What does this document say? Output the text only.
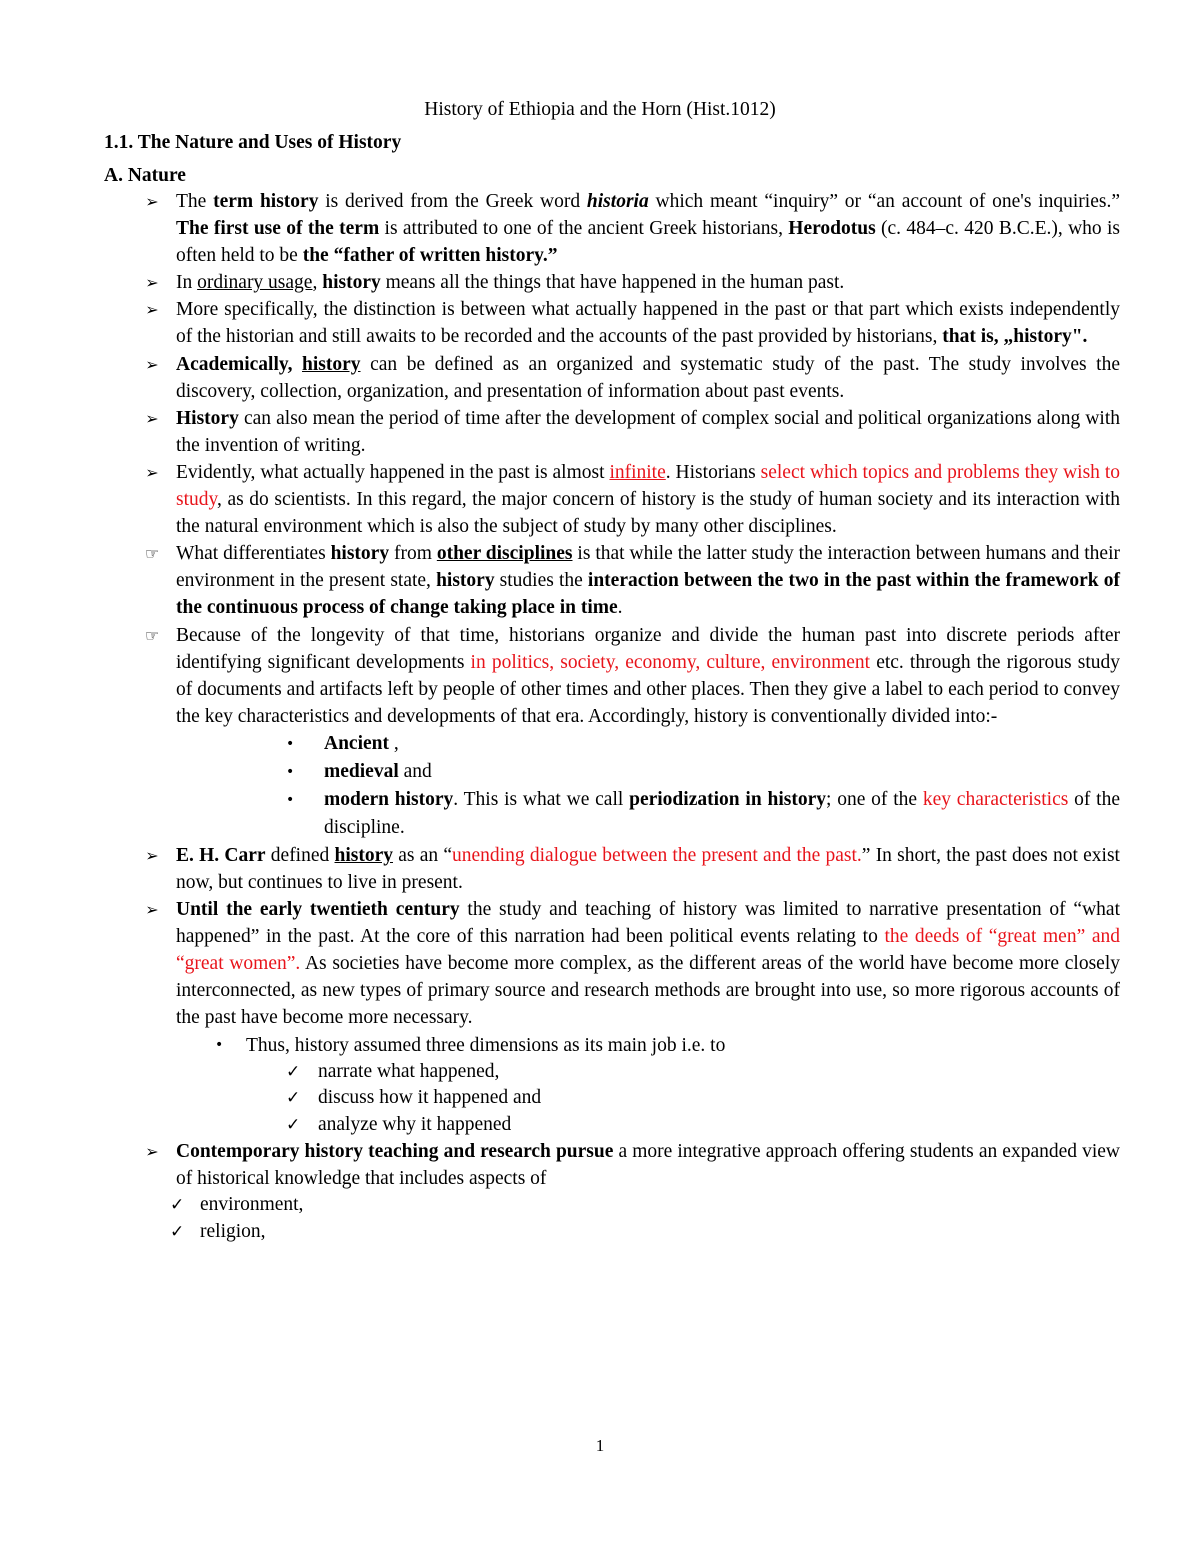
History of Ethiopia and the Horn (Hist.1012)
1.1. The Nature and Uses of History
A. Nature
➢ The term history is derived from the Greek word historia which meant “inquiry” or “an account of one's inquiries.” The first use of the term is attributed to one of the ancient Greek historians, Herodotus (c. 484–c. 420 B.C.E.), who is often held to be the “father of written history.”
➢ In ordinary usage, history means all the things that have happened in the human past.
➢ More specifically, the distinction is between what actually happened in the past or that part which exists independently of the historian and still awaits to be recorded and the accounts of the past provided by historians, that is, „history".
➢ Academically, history can be defined as an organized and systematic study of the past. The study involves the discovery, collection, organization, and presentation of information about past events.
➢ History can also mean the period of time after the development of complex social and political organizations along with the invention of writing.
➢ Evidently, what actually happened in the past is almost infinite. Historians select which topics and problems they wish to study, as do scientists. In this regard, the major concern of history is the study of human society and its interaction with the natural environment which is also the subject of study by many other disciplines.
☞ What differentiates history from other disciplines is that while the latter study the interaction between humans and their environment in the present state, history studies the interaction between the two in the past within the framework of the continuous process of change taking place in time.
☞ Because of the longevity of that time, historians organize and divide the human past into discrete periods after identifying significant developments in politics, society, economy, culture, environment etc. through the rigorous study of documents and artifacts left by people of other times and other places. Then they give a label to each period to convey the key characteristics and developments of that era. Accordingly, history is conventionally divided into:-
• Ancient ,
• medieval and
• modern history. This is what we call periodization in history; one of the key characteristics of the discipline.
➢ E. H. Carr defined history as an “unending dialogue between the present and the past.” In short, the past does not exist now, but continues to live in present.
➢ Until the early twentieth century the study and teaching of history was limited to narrative presentation of “what happened” in the past. At the core of this narration had been political events relating to the deeds of “great men” and “great women”. As societies have become more complex, as the different areas of the world have become more closely interconnected, as new types of primary source and research methods are brought into use, so more rigorous accounts of the past have become more necessary.
• Thus, history assumed three dimensions as its main job i.e. to
✓ narrate what happened,
✓ discuss how it happened and
✓ analyze why it happened
➢ Contemporary history teaching and research pursue a more integrative approach offering students an expanded view of historical knowledge that includes aspects of
✓ environment,
✓ religion,
1
